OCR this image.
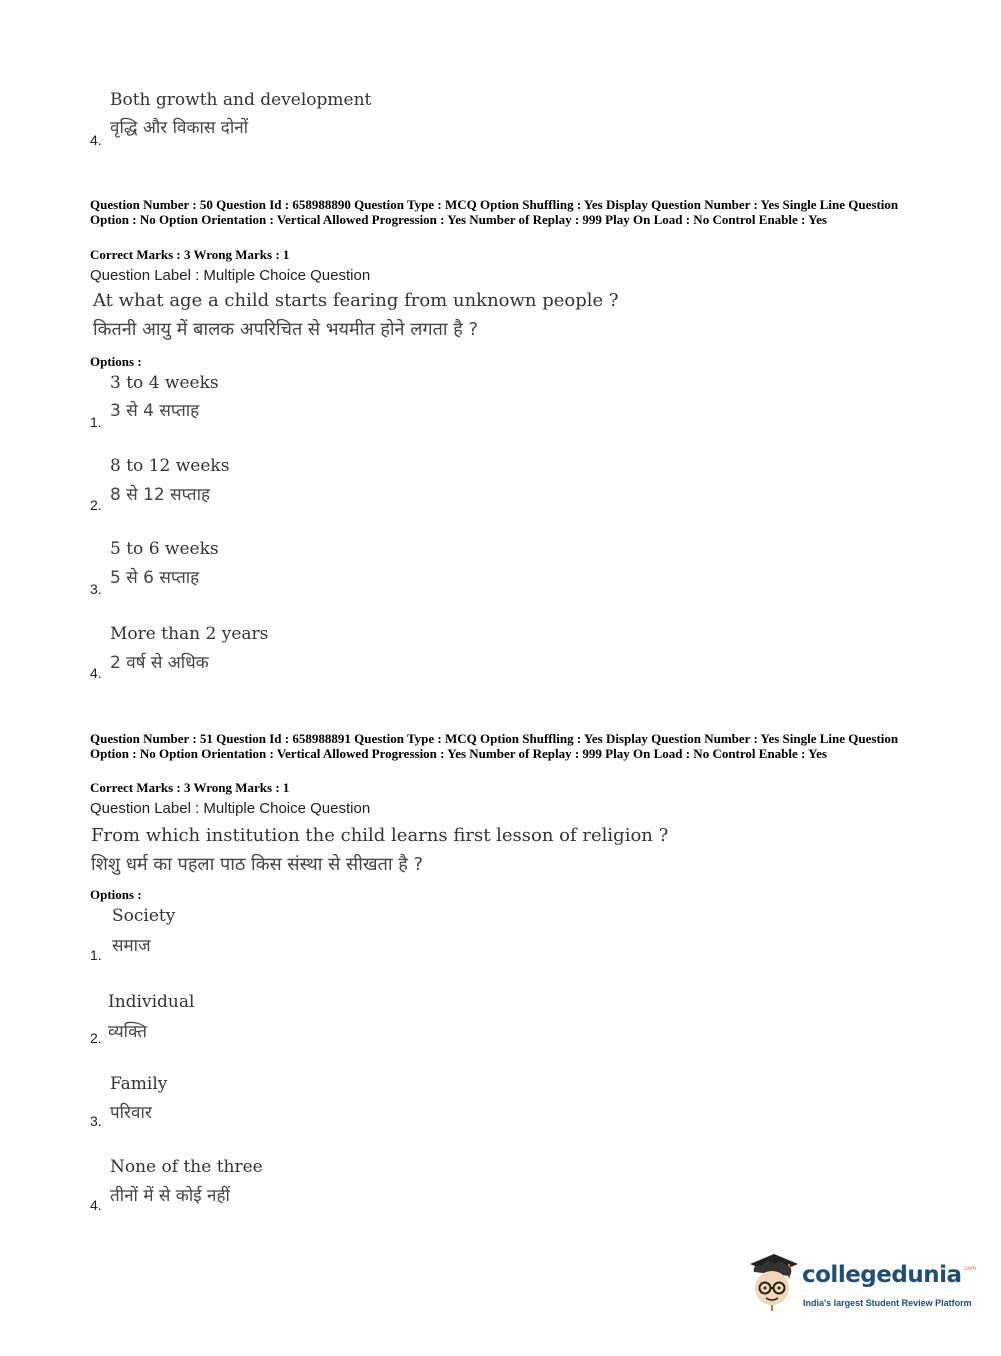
Both growth and development
वृद्धि और विकास दोनों
4.
Question Number : 50 Question Id : 658988890 Question Type : MCQ Option Shuffling : Yes Display Question Number : Yes Single Line Question Option : No Option Orientation : Vertical Allowed Progression : Yes Number of Replay : 999 Play On Load : No Control Enable : Yes
Correct Marks : 3 Wrong Marks : 1
Question Label : Multiple Choice Question
At what age a child starts fearing from unknown people ?
कितनी आयु में बालक अपरिचित से भयमीत होने लगता है ?
Options :
3 to 4 weeks
3 से 4 सप्ताह
1.
8 to 12 weeks
8 से 12 सप्ताह
2.
5 to 6 weeks
5 से 6 सप्ताह
3.
More than 2 years
2 वर्ष से अधिक
4.
Question Number : 51 Question Id : 658988891 Question Type : MCQ Option Shuffling : Yes Display Question Number : Yes Single Line Question Option : No Option Orientation : Vertical Allowed Progression : Yes Number of Replay : 999 Play On Load : No Control Enable : Yes
Correct Marks : 3 Wrong Marks : 1
Question Label : Multiple Choice Question
From which institution the child learns first lesson of religion ?
शिशु धर्म का पहला पाठ किस संस्था से सीखता है ?
Options :
Society
समाज
1.
Individual
व्यक्ति
2.
Family
परिवार
3.
None of the three
तीनों में से कोई नहीं
4.
collegedunia .com
India's largest Student Review Platform
